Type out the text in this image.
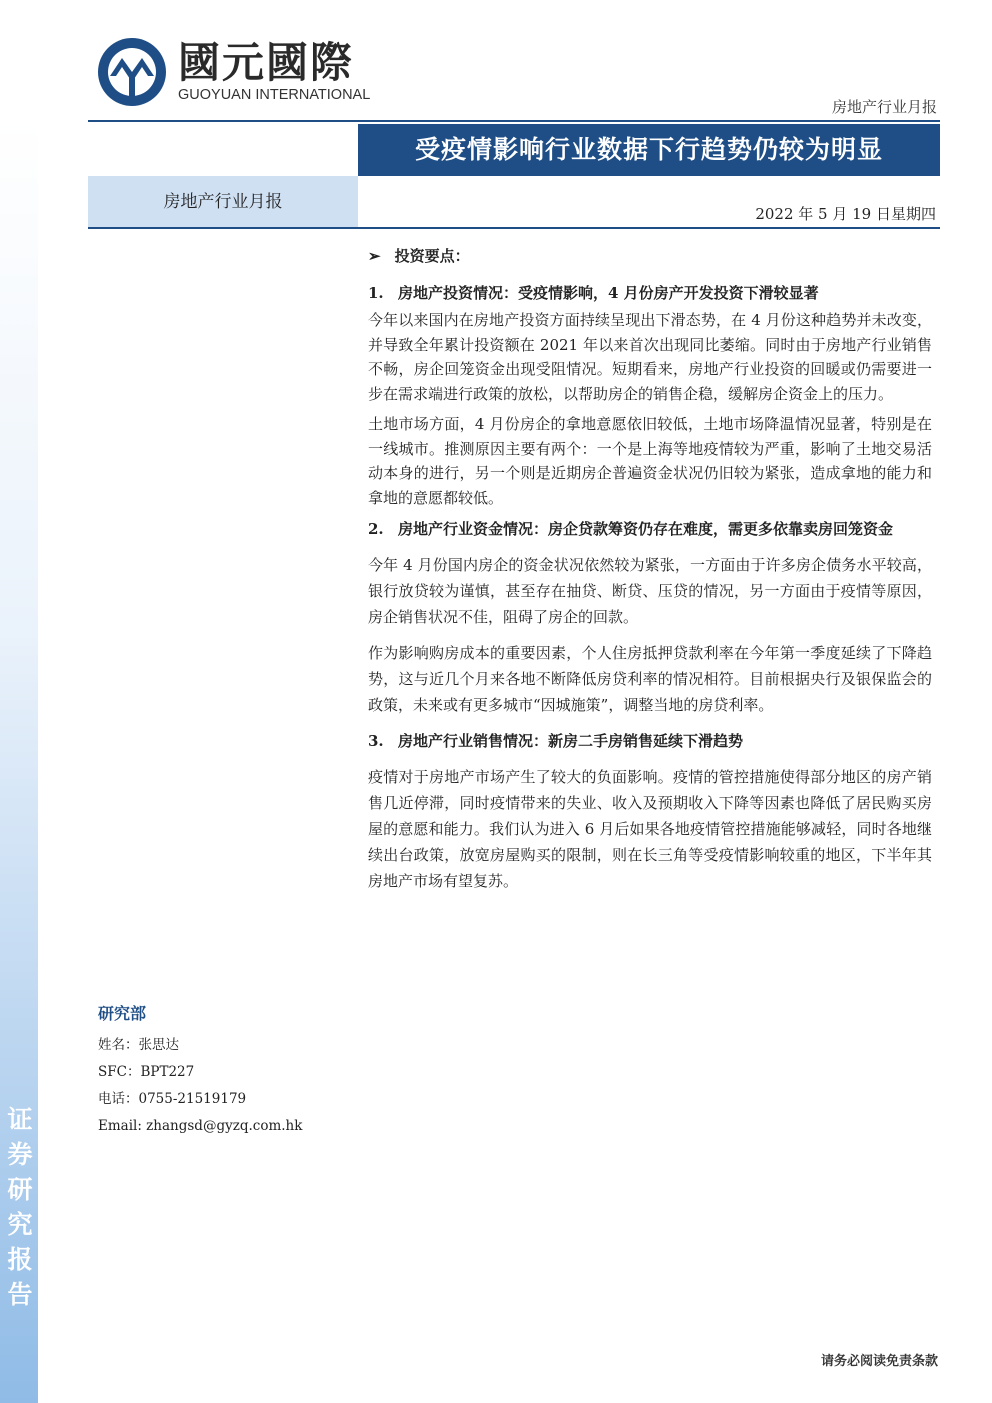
证
券
研
究
报
告
國元國際
GUOYUAN INTERNATIONAL
房地产行业月报
受疫情影响行业数据下行趋势仍较为明显
房地产行业月报
2022 年 5 月 19 日星期四
➢ 投资要点：
1. 房地产投资情况：受疫情影响，4 月份房产开发投资下滑较显著

今年以来国内在房地产投资方面持续呈现出下滑态势，在 4 月份这种趋势并未改变，并导致全年累计投资额在 2021 年以来首次出现同比萎缩。同时由于房地产行业销售不畅，房企回笼资金出现受阻情况。短期看来，房地产行业投资的回暖或仍需要进一步在需求端进行政策的放松，以帮助房企的销售企稳，缓解房企资金上的压力。

土地市场方面，4 月份房企的拿地意愿依旧较低，土地市场降温情况显著，特别是在一线城市。推测原因主要有两个：一个是上海等地疫情较为严重，影响了土地交易活动本身的进行，另一个则是近期房企普遍资金状况仍旧较为紧张，造成拿地的能力和拿地的意愿都较低。

2. 房地产行业资金情况：房企贷款筹资仍存在难度，需更多依靠卖房回笼资金

今年 4 月份国内房企的资金状况依然较为紧张，一方面由于许多房企债务水平较高，银行放贷较为谨慎，甚至存在抽贷、断贷、压贷的情况，另一方面由于疫情等原因，房企销售状况不佳，阻碍了房企的回款。

作为影响购房成本的重要因素，个人住房抵押贷款利率在今年第一季度延续了下降趋势，这与近几个月来各地不断降低房贷利率的情况相符。目前根据央行及银保监会的政策，未来或有更多城市“因城施策”，调整当地的房贷利率。

3. 房地产行业销售情况：新房二手房销售延续下滑趋势

疫情对于房地产市场产生了较大的负面影响。疫情的管控措施使得部分地区的房产销售几近停滞，同时疫情带来的失业、收入及预期收入下降等因素也降低了居民购买房屋的意愿和能力。我们认为进入 6 月后如果各地疫情管控措施能够减轻，同时各地继续出台政策，放宽房屋购买的限制，则在长三角等受疫情影响较重的地区，下半年其房地产市场有望复苏。

研究部
姓名：张思达
SFC：BPT227
电话：0755-21519179
Email: zhangsd@gyzq.com.hk
请务必阅读免责条款
